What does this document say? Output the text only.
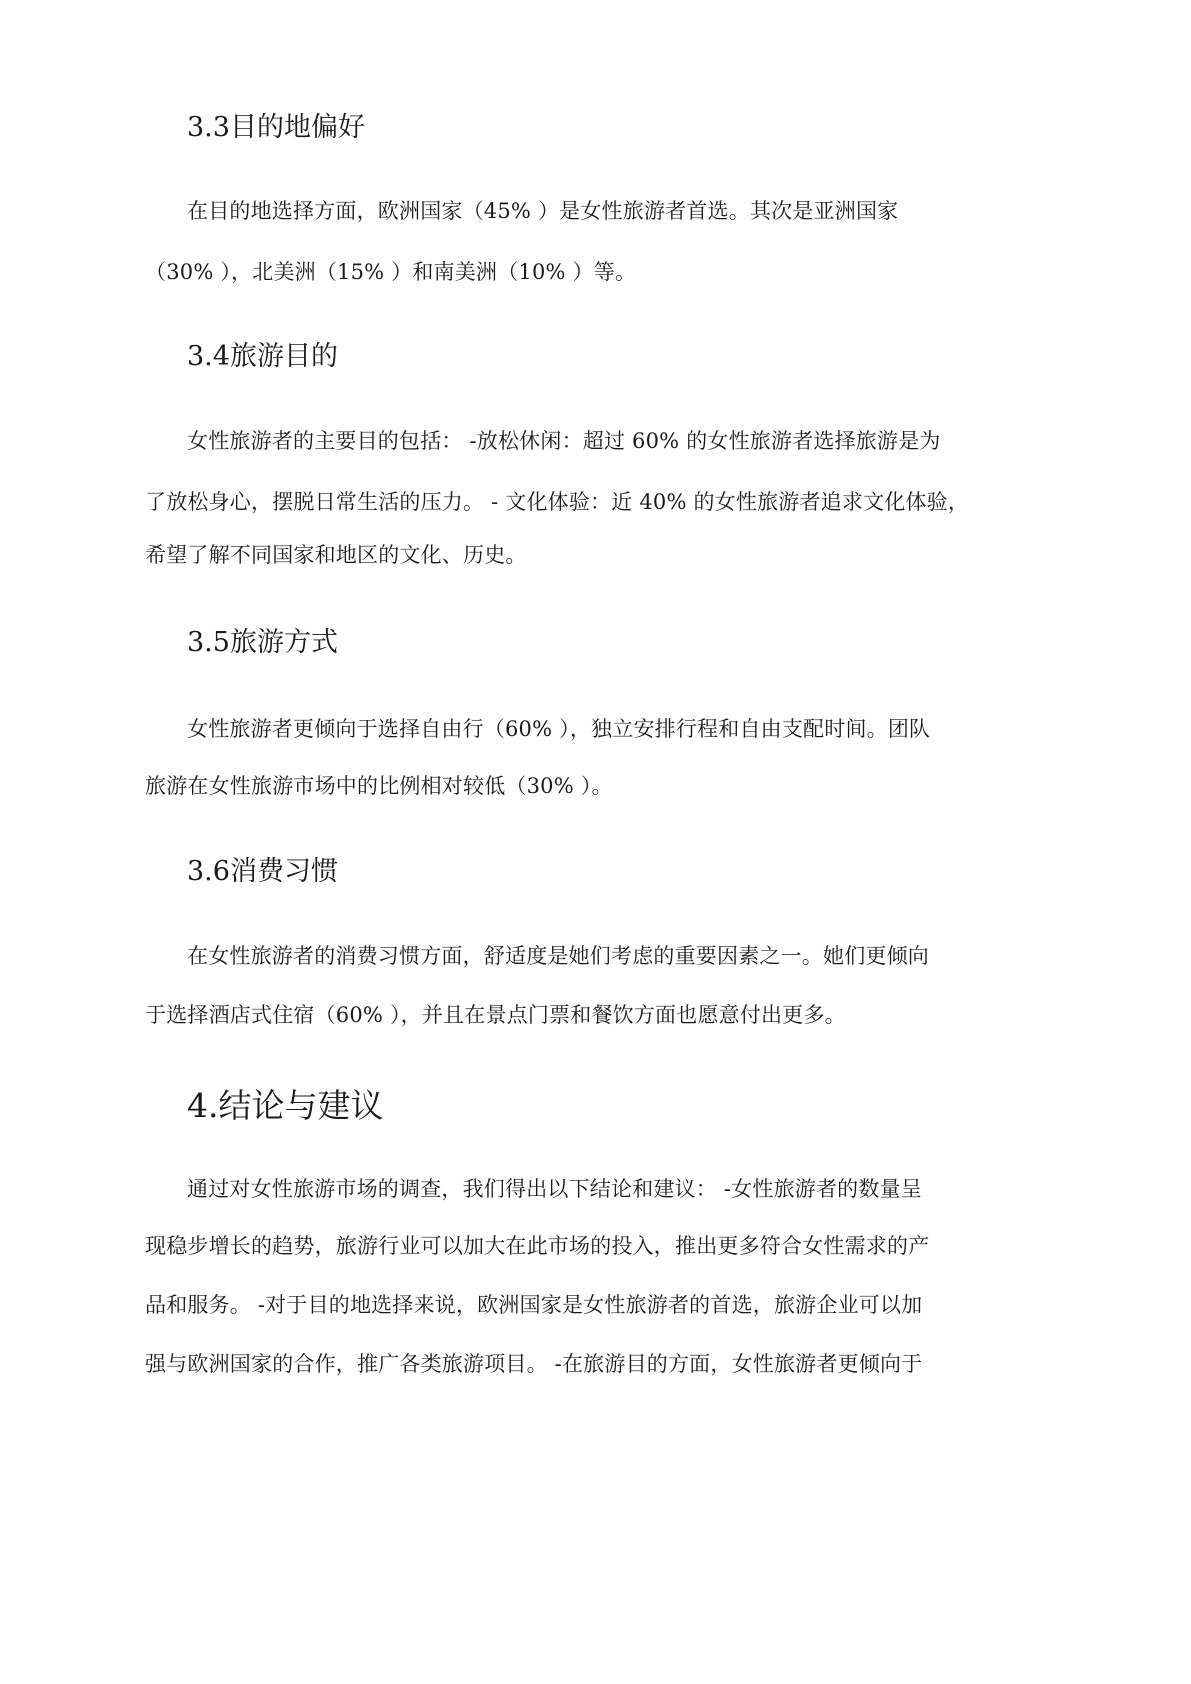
3.3目的地偏好
在目的地选择方面，欧洲国家（45% ）是女性旅游者首选。其次是亚洲国家
（30% ），北美洲（15% ）和南美洲（10% ）等。
3.4旅游目的
女性旅游者的主要目的包括： -放松休闲：超过 60% 的女性旅游者选择旅游是为
了放松身心，摆脱日常生活的压力。 - 文化体验：近 40% 的女性旅游者追求文化体验，
希望了解不同国家和地区的文化、历史。
3.5旅游方式
女性旅游者更倾向于选择自由行（60% ），独立安排行程和自由支配时间。团队
旅游在女性旅游市场中的比例相对较低（30% ）。
3.6消费习惯
在女性旅游者的消费习惯方面，舒适度是她们考虑的重要因素之一。她们更倾向
于选择酒店式住宿（60% ），并且在景点门票和餐饮方面也愿意付出更多。
4.结论与建议
通过对女性旅游市场的调查，我们得出以下结论和建议： -女性旅游者的数量呈
现稳步增长的趋势，旅游行业可以加大在此市场的投入，推出更多符合女性需求的产
品和服务。 -对于目的地选择来说，欧洲国家是女性旅游者的首选，旅游企业可以加
强与欧洲国家的合作，推广各类旅游项目。 -在旅游目的方面，女性旅游者更倾向于
